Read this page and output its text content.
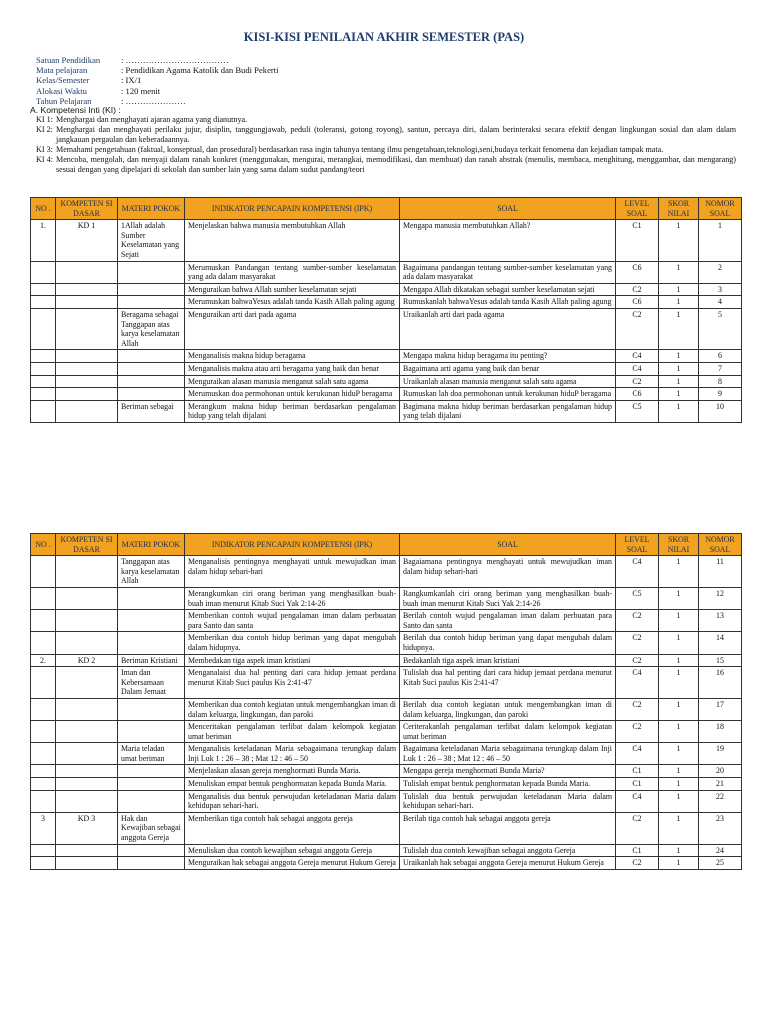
KISI-KISI PENILAIAN AKHIR SEMESTER (PAS)
Satuan Pendidikan	: ………………………………
Mata pelajaran	: Pendidikan Agama Katolik dan Budi Pekerti
Kelas/Semester	: IX/1
Alokasi Waktu	: 120 menit
Tahun Pelajaran	: …………………
A. Kompetensi Inti (KI) :
KI 1: Menghargai dan menghayati ajaran agama yang dianutnya.
KI 2: Menghargai dan menghayati perilaku jujur, disiplin, tanggungjawab, peduli (toleransi, gotong royong), santun, percaya diri, dalam berinteraksi secara efektif dengan lingkungan sosial dan alam dalam jangkauan pergaulan dan keberadaannya.
KI 3: Memahami pengetahuan (faktual, konseptual, dan prosedural) berdasarkan rasa ingin tahunya tentang ilmu pengetahuan,teknologi,seni,budaya terkait fenomena dan kejadian tampak mata.
KI 4: Mencoba, mengolah, dan menyaji dalam ranah konkret (menggunakan, mengurai, merangkai, memodifikasi, dan membuat) dan ranah abstrak (menulis, membaca, menghitung, menggambar, dan mengarang) sesuai dengan yang dipelajari di sekolah dan sumber lain yang sama dalam sudut pandang/teori
NO .	KOMPETEN SI DASAR	MATERI POKOK	INDIKATOR PENCAPAIN KOMPETENSI (IPK)	SOAL	LEVEL SOAL	SKOR NILAI	NOMOR SOAL
1.	KD 1	1Allah adalah Sumber Keselamatan yang Sejati	Menjelaskan bahwa manusia membutuhkan Allah	Mengapa manusia membutuhkan Allah?	C1	1	1
			Merumuskan Pandangan tentang sumber-sumber keselamatan yang ada dalam masyarakat	Bagaimana pandangan tentang sumber-sumber keselamatan yang ada dalam masyarakat	C6	1	2
			Menguraikan bahwa Allah sumber keselamatan sejati	Mengapa Allah dikatakan sebagai sumber keselamatan sejati	C2	1	3
			Merumuskan bahwaYesus adalah tanda Kasih Allah paling agung	Rumuskanlah bahwaYesus adalah tanda Kasih Allah paling agung	C6	1	4
		Beragama sebagai Tanggapan atas karya keselamatan Allah	Menguraikan arti dari pada agama	Uraikanlah arti dari pada agama	C2	1	5
			Menganalisis makna hidup beragama	Mengapa makna hidup beragama itu penting?	C4	1	6
			Menganalisis makna atau arti beragama yang baik dan benar	Bagaimana arti agama yang baik dan benar	C4	1	7
			Menguraikan alasan manusia menganut salah satu agama	Uraikanlah alasan manusia menganut salah satu agama	C2	1	8
			Merumuskan doa permohonan untuk kerukunan hiduP beragama	Rumuskan lah doa permohonan untuk kerukunan hiduP beragama	C6	1	9
		Beriman sebagai	Merangkum makna hidup beriman berdasarkan pengalaman hidup yang telah dijalani	Bagimana makna hidup beriman berdasarkan pengalaman hidup yang telah dijalani	C5	1	10
NO .	KOMPETEN SI DASAR	MATERI POKOK	INDIKATOR PENCAPAIN KOMPETENSI (IPK)	SOAL	LEVEL SOAL	SKOR NILAI	NOMOR SOAL
		Tanggapan atas karya keselamatan Allah	Menganalisis pentingnya menghayati untuk mewujudkan iman dalam hidup sehari-hari	Bagaiamana pentingnya menghayati untuk mewujudkan iman dalam hidup sehari-hari	C4	1	11
			Merangkumkan ciri orang beriman yang menghasilkan buah-buah iman menurut Kitab Suci Yak 2:14-26	Rangkumkanlah ciri orang beriman yang menghasilkan buah-buah iman menurut Kitab Suci Yak 2:14-26	C5	1	12
			Memberikan contoh wujud pengalaman iman dalam perbuatan para Santo dan santa	Berilah contoh wujud pengalaman iman dalam perbuatan para Santo dan santa	C2	1	13
			Memberikan dua contoh hidup beriman yang dapat mengubah dalam hidupnya.	Berilah dua contoh hidup beriman yang dapat mengubah dalam hidupnya.	C2	1	14
2.	KD 2	Beriman Kristiani	Membedakan tiga aspek iman kristiani	Bedakanlah tiga aspek iman kristiani	C2	1	15
		Iman dan Kebersamaan Dalam Jemaat	Menganalaisi dua hal penting dari cara hidup jemaat perdana menurut Kitab Suci paulus Kis 2:41-47	Tulislah dua hal penting dari cara hidup jemaat perdana menurut Kitab Suci paulus Kis 2:41-47	C4	1	16
			Memberikan dua contoh kegiatan untuk mengembangkan iman di dalam keluarga, lingkungan, dan paroki	Berilah dua contoh kegiatan untuk mengembangkan iman di dalam keluarga, lingkungan, dan paroki	C2	1	17
			Menceritakan pengalaman terlibat dalam kelompok kegiatan umat beriman	Ceriterakanlah pengalaman terlibat dalam kelompok kegiatan umat beriman	C2	1	18
		Maria teladan umat beriman	Menganalisis keteladanan Maria sebagaimana terungkap dalam Inji Luk 1 : 26 – 38 ; Mat 12 : 46 – 50	Bagaimana keteladanan Maria sebagaimana terungkap dalam Inji Luk 1 : 26 – 38 ; Mat 12 : 46 – 50	C4	1	19
			Menjelaskan alasan gereja menghormati Bunda Maria.	Mengapa gereja menghormati Bunda Maria?	C1	1	20
			Menuliskan empat bentuk penghormatan kepada Bunda Maria.	Tulislah empat bentuk penghormatan kepada Bunda Maria.	C1	1	21
			Menganalisis dua bentuk perwujudan keteladanan Maria dalam kehidupan sehari-hari.	Tulislah dua bentuk perwujudan keteladanan Maria dalam kehidupan sehari-hari.	C4	1	22
3	KD 3	Hak dan Kewajiban sebagai anggota Gereja	Memberikan tiga contoh hak sebagai anggota gereja	Berilah tiga contoh hak sebagai anggota gereja	C2	1	23
			Menuliskan dua contoh kewajiban sebagai anggota Gereja	Tulislah dua contoh kewajiban sebagai anggota Gereja	C1	1	24
			Menguraikan hak sebagai anggota Gereja menurut Hukum Gereja	Uraikanlah hak sebagai anggota Gereja menurut Hukum Gereja	C2	1	25
